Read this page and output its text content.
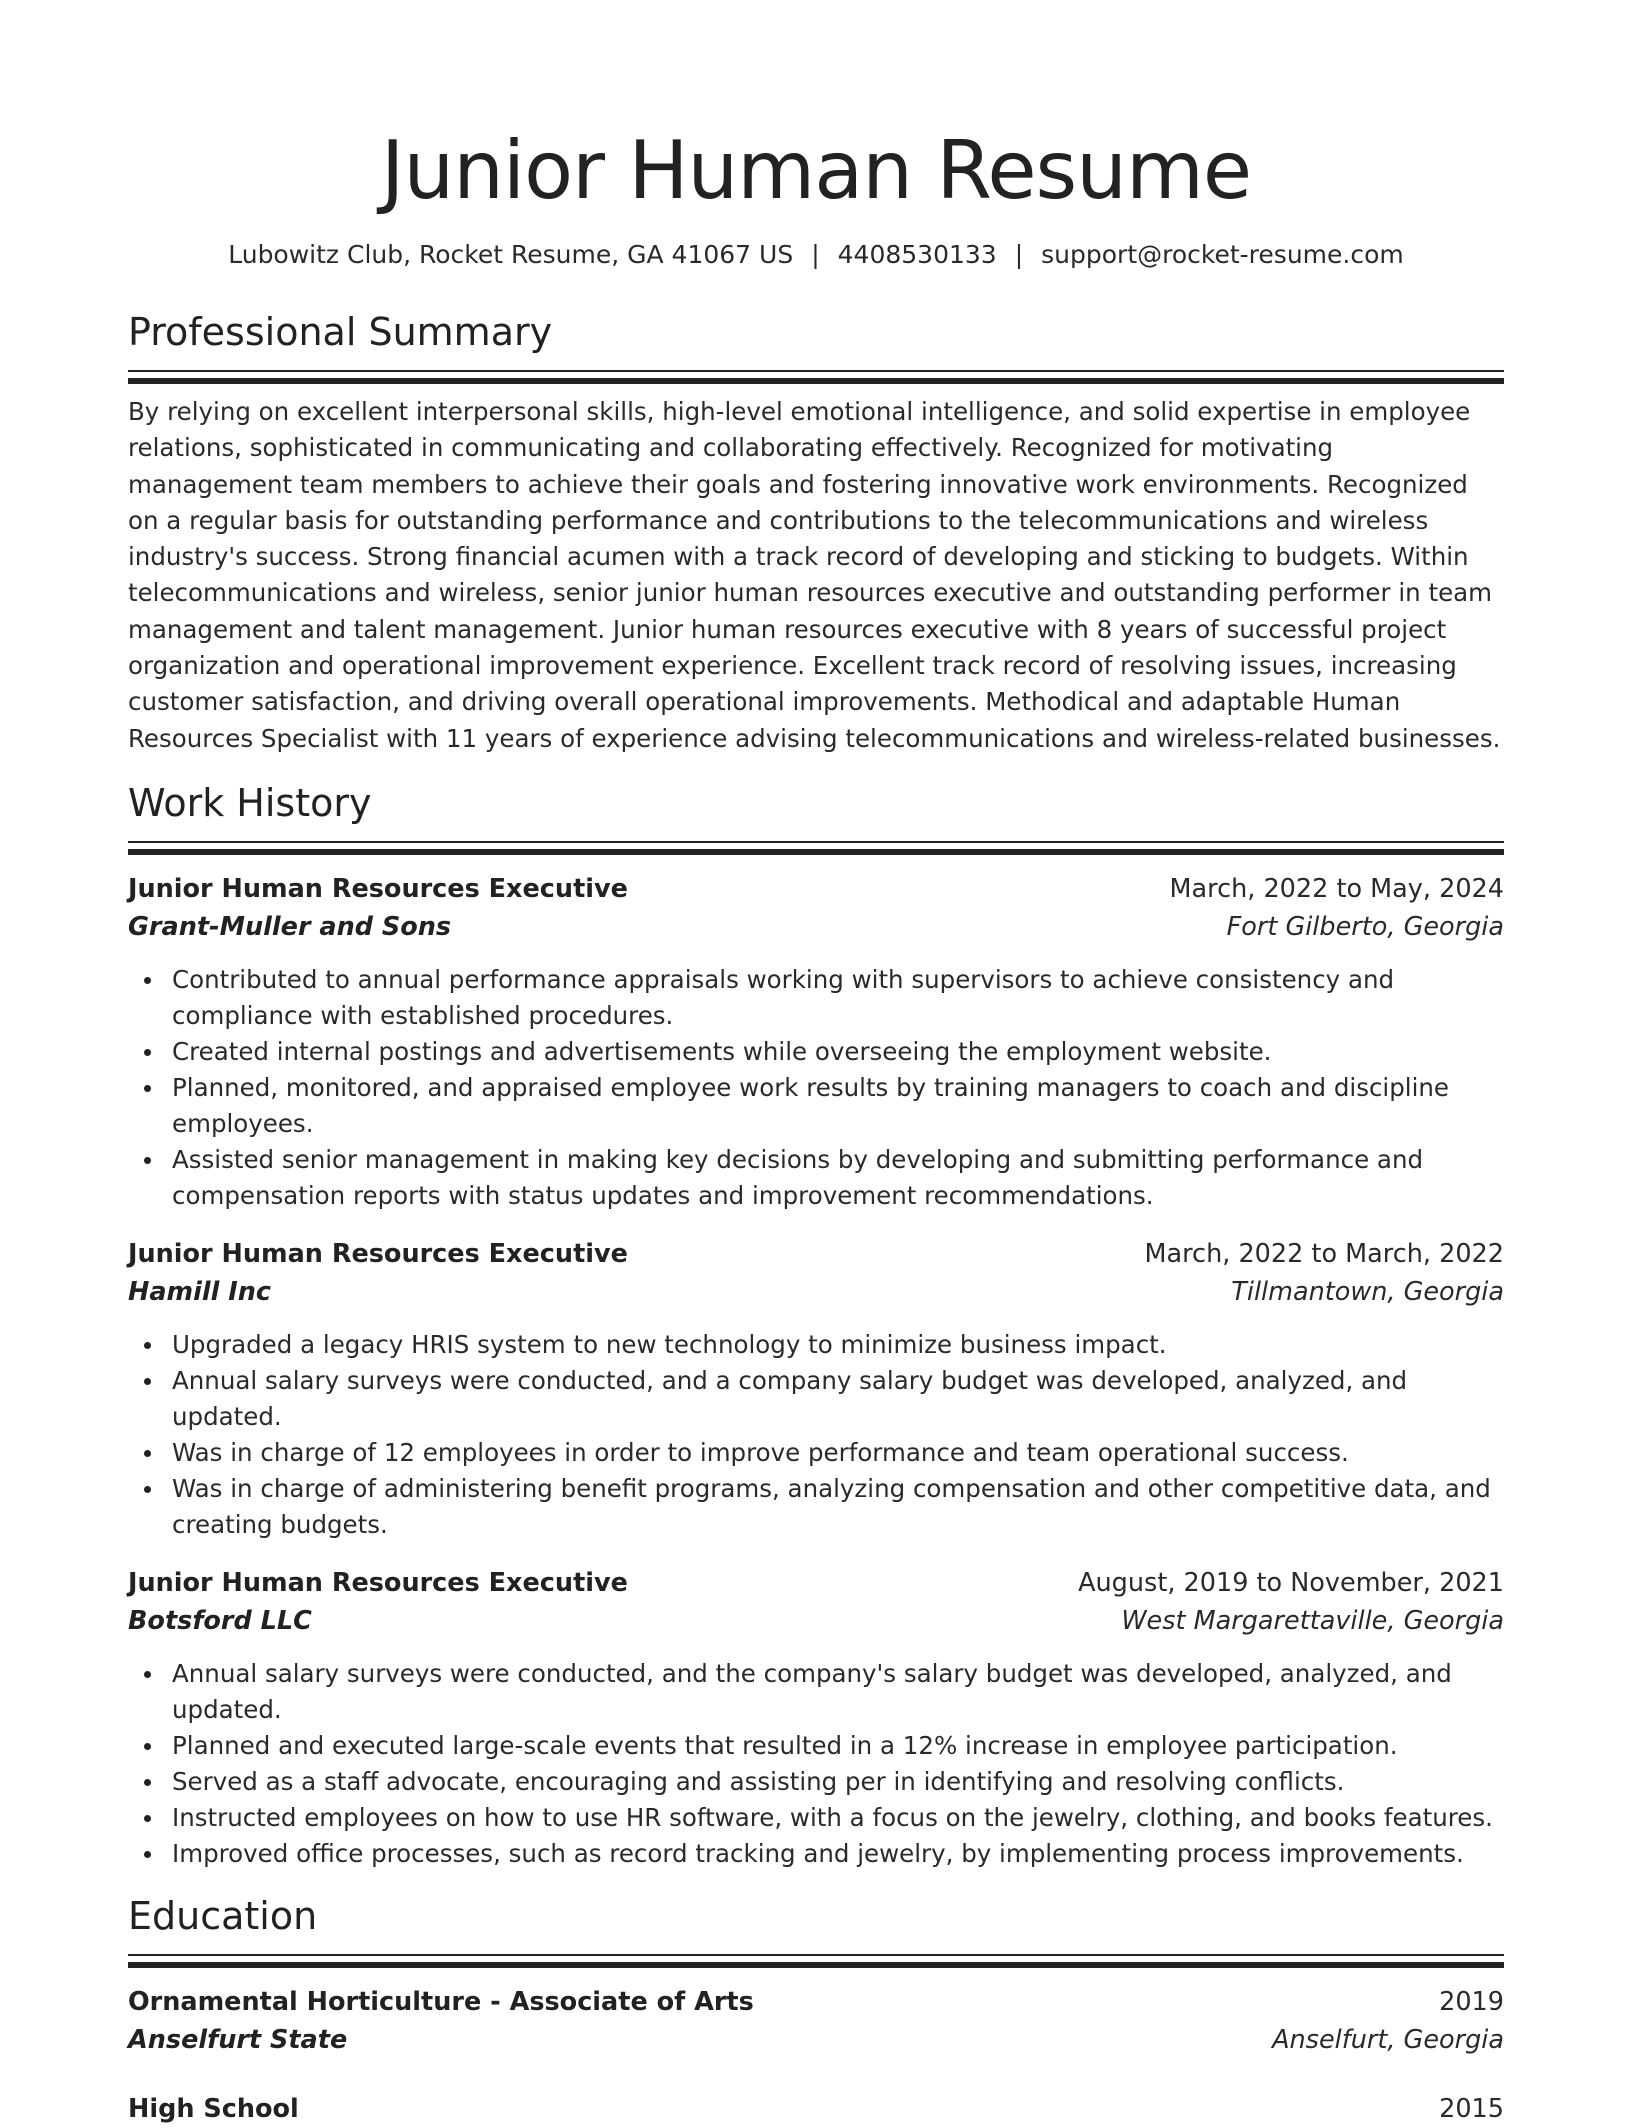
Junior Human Resume
Lubowitz Club, Rocket Resume, GA 41067 US | 4408530133 | support@rocket-resume.com
Professional Summary

By relying on excellent interpersonal skills, high-level emotional intelligence, and solid expertise in employee relations, sophisticated in communicating and collaborating effectively. Recognized for motivating management team members to achieve their goals and fostering innovative work environments. Recognized on a regular basis for outstanding performance and contributions to the telecommunications and wireless industry's success. Strong financial acumen with a track record of developing and sticking to budgets. Within telecommunications and wireless, senior junior human resources executive and outstanding performer in team management and talent management. Junior human resources executive with 8 years of successful project organization and operational improvement experience. Excellent track record of resolving issues, increasing customer satisfaction, and driving overall operational improvements. Methodical and adaptable Human Resources Specialist with 11 years of experience advising telecommunications and wireless-related businesses.

Work History
Junior Human Resources Executive	March, 2022 to May, 2024
Grant-Muller and Sons	Fort Gilberto, Georgia
Contributed to annual performance appraisals working with supervisors to achieve consistency and compliance with established procedures.
Created internal postings and advertisements while overseeing the employment website.
Planned, monitored, and appraised employee work results by training managers to coach and discipline employees.
Assisted senior management in making key decisions by developing and submitting performance and compensation reports with status updates and improvement recommendations.
Junior Human Resources Executive	March, 2022 to March, 2022
Hamill Inc	Tillmantown, Georgia
Upgraded a legacy HRIS system to new technology to minimize business impact.
Annual salary surveys were conducted, and a company salary budget was developed, analyzed, and updated.
Was in charge of 12 employees in order to improve performance and team operational success.
Was in charge of administering benefit programs, analyzing compensation and other competitive data, and creating budgets.
Junior Human Resources Executive	August, 2019 to November, 2021
Botsford LLC	West Margarettaville, Georgia
Annual salary surveys were conducted, and the company's salary budget was developed, analyzed, and updated.
Planned and executed large-scale events that resulted in a 12% increase in employee participation.
Served as a staff advocate, encouraging and assisting per in identifying and resolving conflicts.
Instructed employees on how to use HR software, with a focus on the jewelry, clothing, and books features.
Improved office processes, such as record tracking and jewelry, by implementing process improvements.
Education
Ornamental Horticulture - Associate of Arts	2019
Anselfurt State	Anselfurt, Georgia
High School	2015
